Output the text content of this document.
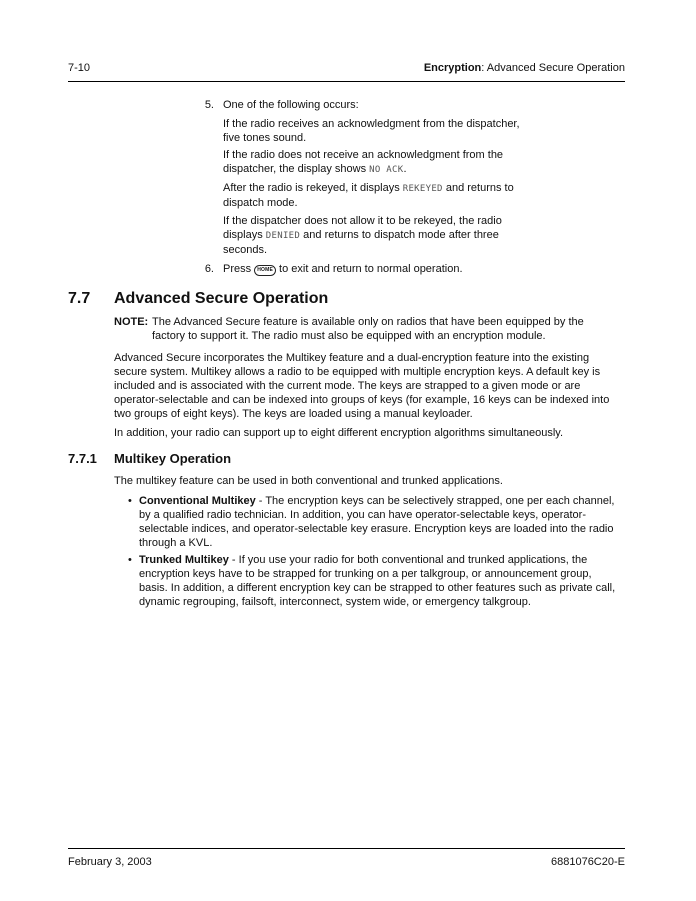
7-10	Encryption: Advanced Secure Operation
5. One of the following occurs:
If the radio receives an acknowledgment from the dispatcher, five tones sound.
If the radio does not receive an acknowledgment from the dispatcher, the display shows NO ACK.
After the radio is rekeyed, it displays REKEYED and returns to dispatch mode.
If the dispatcher does not allow it to be rekeyed, the radio displays DENIED and returns to dispatch mode after three seconds.
6. Press HOME to exit and return to normal operation.
7.7 Advanced Secure Operation
NOTE: The Advanced Secure feature is available only on radios that have been equipped by the factory to support it. The radio must also be equipped with an encryption module.

Advanced Secure incorporates the Multikey feature and a dual-encryption feature into the existing secure system. Multikey allows a radio to be equipped with multiple encryption keys. A default key is included and is associated with the current mode. The keys are strapped to a given mode or are operator-selectable and can be indexed into groups of keys (for example, 16 keys can be indexed into two groups of eight keys). The keys are loaded using a manual keyloader.

In addition, your radio can support up to eight different encryption algorithms simultaneously.

7.7.1 Multikey Operation

The multikey feature can be used in both conventional and trunked applications.

• Conventional Multikey - The encryption keys can be selectively strapped, one per each channel, by a qualified radio technician. In addition, you can have operator-selectable keys, operator-selectable indices, and operator-selectable key erasure. Encryption keys are loaded into the radio through a KVL.

• Trunked Multikey - If you use your radio for both conventional and trunked applications, the encryption keys have to be strapped for trunking on a per talkgroup, or announcement group, basis. In addition, a different encryption key can be strapped to other features such as private call, dynamic regrouping, failsoft, interconnect, system wide, or emergency talkgroup.

February 3, 2003	6881076C20-E
